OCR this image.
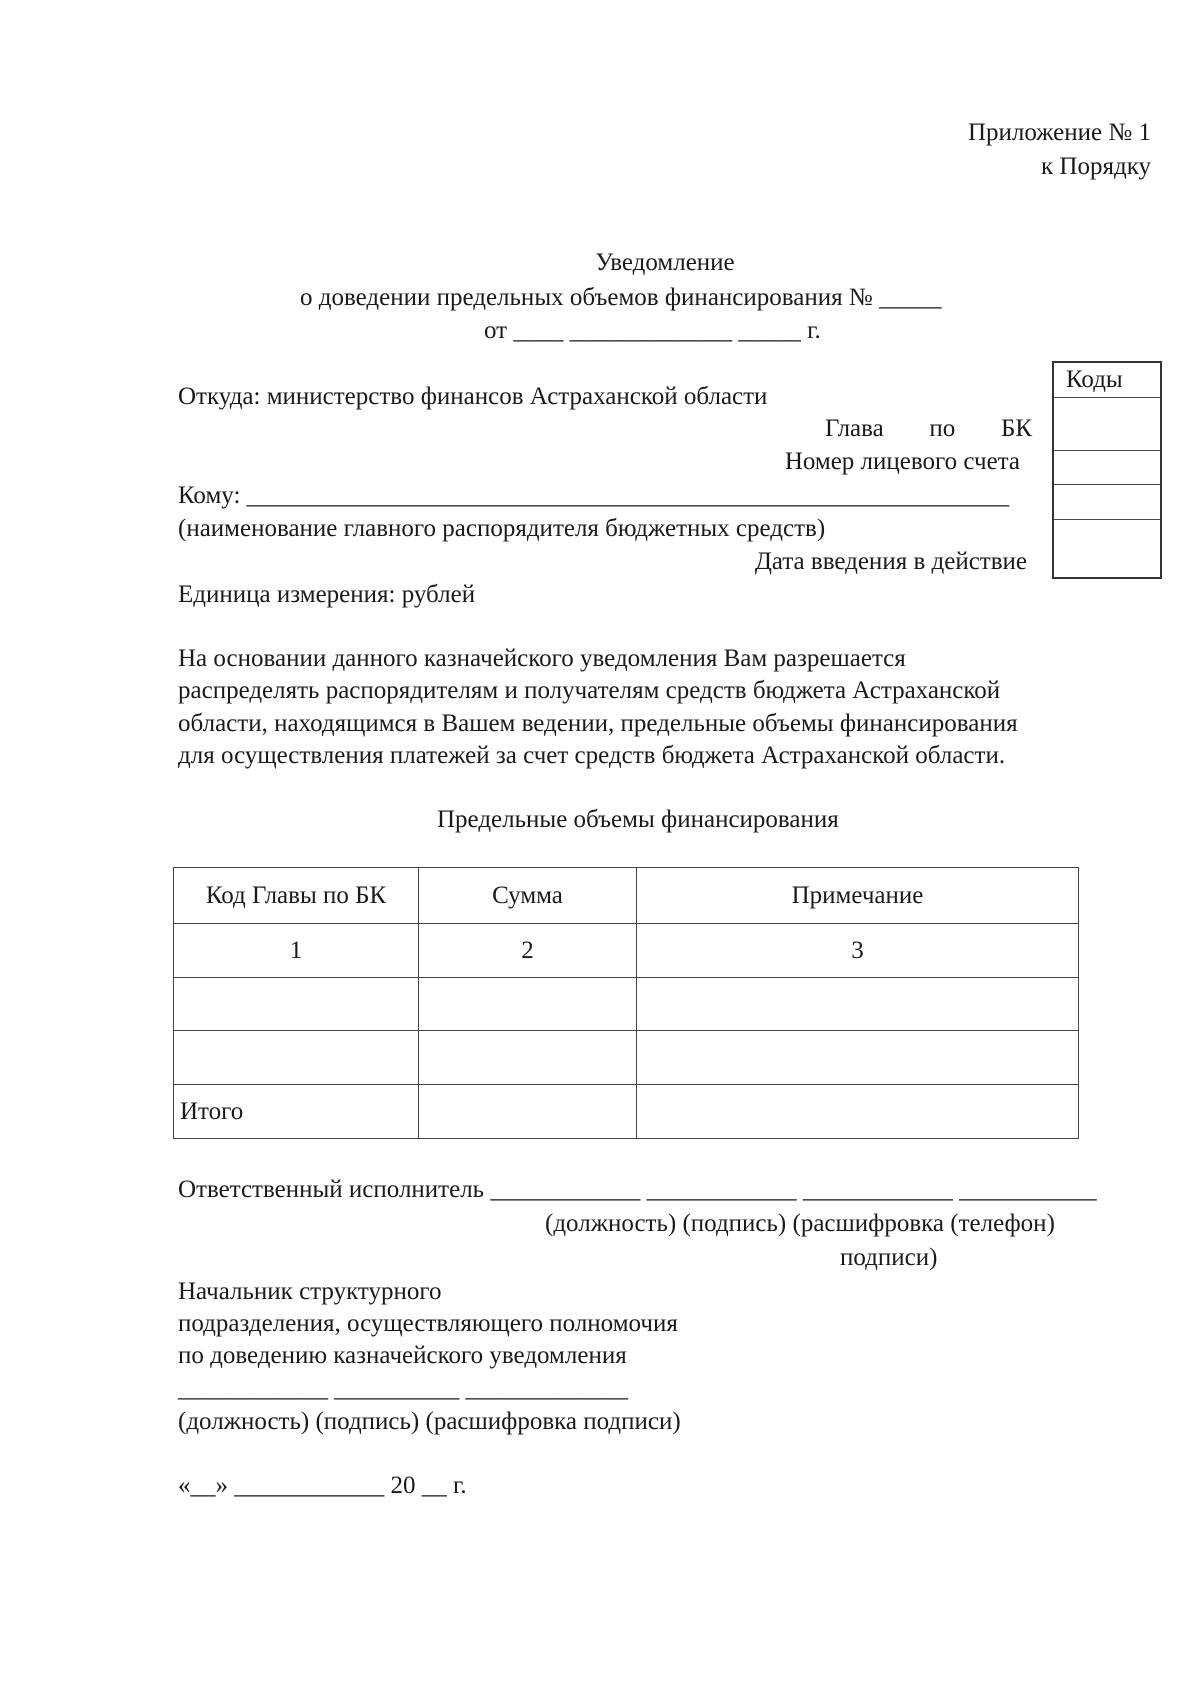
Приложение № 1
к Порядку
Уведомление
о доведении предельных объемов финансирования № _____
от ____ _____________ _____ г.
Откуда: министерство финансов Астраханской области
Глава по БК
Номер лицевого счета
Кому: _____________________________________________________________
(наименование главного распорядителя бюджетных средств)
Дата введения в действие
Единица измерения: рублей
Коды
На основании данного казначейского уведомления Вам разрешается
распределять распорядителям и получателям средств бюджета Астраханской
области, находящимся в Вашем ведении, предельные объемы финансирования
для осуществления платежей за счет средств бюджета Астраханской области.
Предельные объемы финансирования
Код Главы по БК	Сумма	Примечание
1	2	3

Итого		
Ответственный исполнитель ____________ ____________ ____________ ___________
(должность) (подпись) (расшифровка (телефон)
подписи)
Начальник структурного
подразделения, осуществляющего полномочия
по доведению казначейского уведомления
____________ __________ _____________
(должность) (подпись) (расшифровка подписи)
«__» ____________ 20 __ г.
